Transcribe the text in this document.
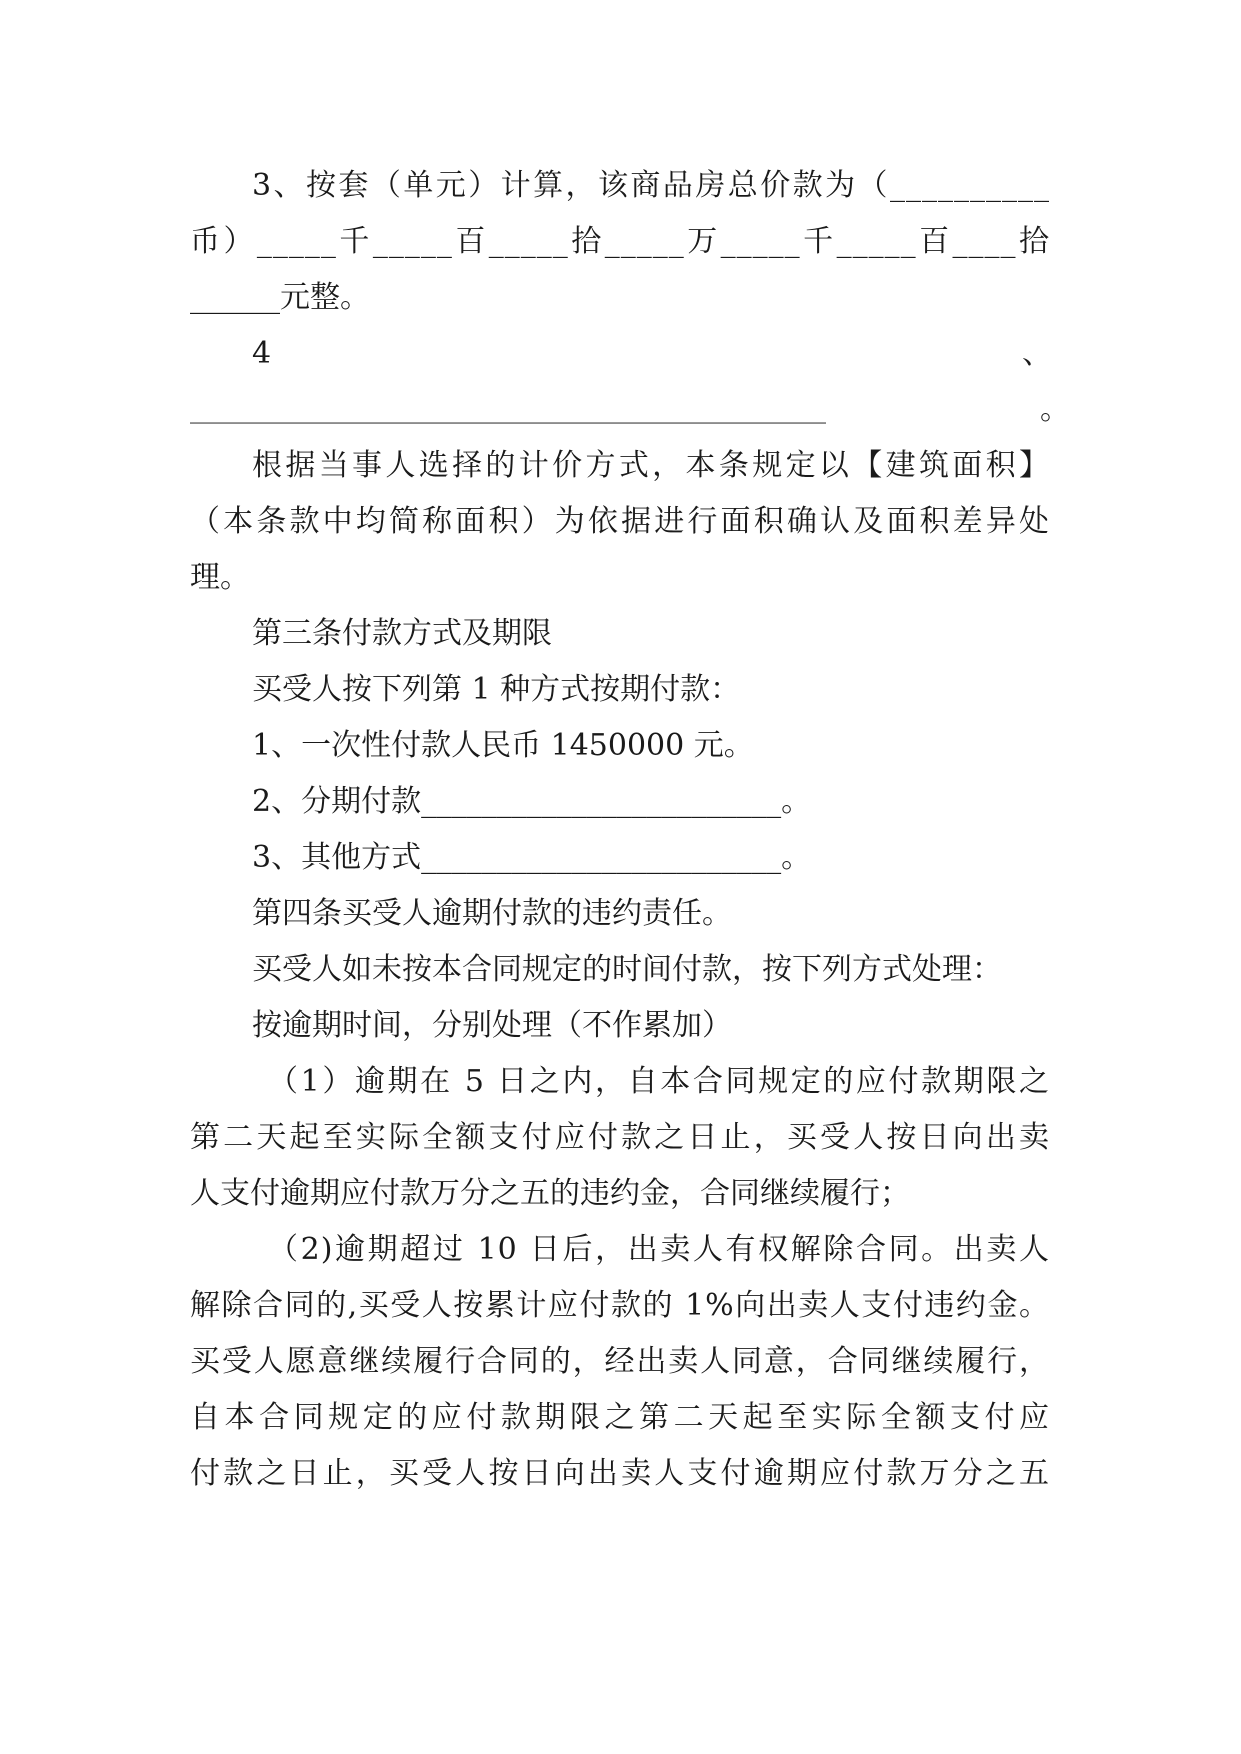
3、按套（单元）计算，该商品房总价款为（__________
币）_____千_____百_____拾_____万_____千_____百____拾
______元整。
4	、
_____________________________________________________	。
根据当事人选择的计价方式，本条规定以【建筑面积】
（本条款中均简称面积）为依据进行面积确认及面积差异处
理。
第三条付款方式及期限
买受人按下列第 1 种方式按期付款：
1、一次性付款人民币 1450000 元。
2、分期付款________________________。
3、其他方式________________________。
第四条买受人逾期付款的违约责任。
买受人如未按本合同规定的时间付款，按下列方式处理：
按逾期时间，分别处理（不作累加）
（1）逾期在 5 日之内，自本合同规定的应付款期限之
第二天起至实际全额支付应付款之日止，买受人按日向出卖
人支付逾期应付款万分之五的违约金，合同继续履行；
（2)逾期超过 10 日后，出卖人有权解除合同。出卖人
解除合同的,买受人按累计应付款的 1%向出卖人支付违约金。
买受人愿意继续履行合同的，经出卖人同意，合同继续履行，
自本合同规定的应付款期限之第二天起至实际全额支付应
付款之日止，买受人按日向出卖人支付逾期应付款万分之五
